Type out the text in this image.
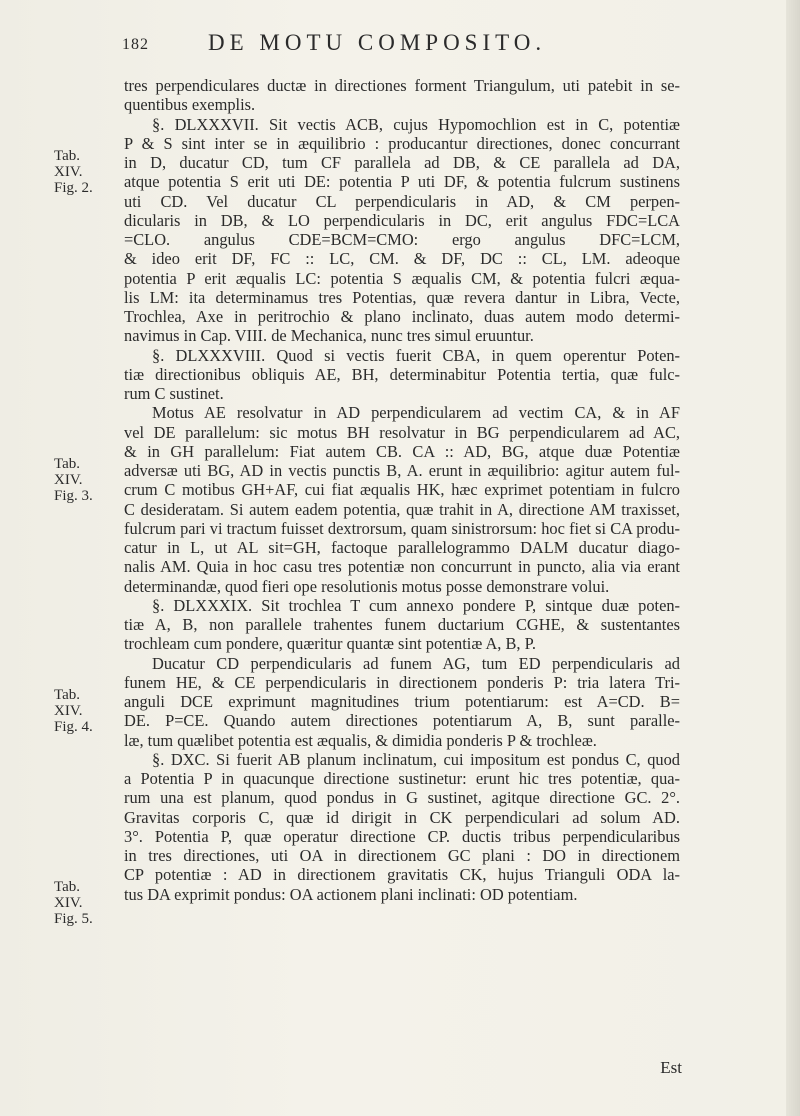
182	DE MOTU COMPOSITO.
Tab.
XIV.
Fig. 2.
Tab.
XIV.
Fig. 3.
Tab.
XIV.
Fig. 4.
Tab.
XIV.
Fig. 5.
tres perpendiculares ductæ in directiones forment Triangulum, uti patebit in se-
quentibus exemplis.
§. DLXXXVII. Sit vectis ACB, cujus Hypomochlion est in C, potentiæ
P & S sint inter se in æquilibrio : producantur directiones, donec concurrant
in D, ducatur CD, tum CF parallela ad DB, & CE parallela ad DA,
atque potentia S erit uti DE: potentia P uti DF, & potentia fulcrum sustinens
uti CD. Vel ducatur CL perpendicularis in AD, & CM perpen-
dicularis in DB, & LO perpendicularis in DC, erit angulus FDC=LCA
=CLO. angulus CDE=BCM=CMO: ergo angulus DFC=LCM,
& ideo erit DF, FC :: LC, CM. & DF, DC :: CL, LM. adeoque
potentia P erit æqualis LC: potentia S æqualis CM, & potentia fulcri æqua-
lis LM: ita determinamus tres Potentias, quæ revera dantur in Libra, Vecte,
Trochlea, Axe in peritrochio & plano inclinato, duas autem modo determi-
navimus in Cap. VIII. de Mechanica, nunc tres simul eruuntur.
§. DLXXXVIII. Quod si vectis fuerit CBA, in quem operentur Poten-
tiæ directionibus obliquis AE, BH, determinabitur Potentia tertia, quæ fulc-
rum C sustinet.
Motus AE resolvatur in AD perpendicularem ad vectim CA, & in AF
vel DE parallelum: sic motus BH resolvatur in BG perpendicularem ad AC,
& in GH parallelum: Fiat autem CB. CA :: AD, BG, atque duæ Potentiæ
adversæ uti BG, AD in vectis punctis B, A. erunt in æquilibrio: agitur autem ful-
crum C motibus GH+AF, cui fiat æqualis HK, hæc exprimet potentiam in fulcro
C desideratam. Si autem eadem potentia, quæ trahit in A, directione AM traxisset,
fulcrum pari vi tractum fuisset dextrorsum, quam sinistrorsum: hoc fiet si CA produ-
catur in L, ut AL sit=GH, factoque parallelogrammo DALM ducatur diago-
nalis AM. Quia in hoc casu tres potentiæ non concurrunt in puncto, alia via erant
determinandæ, quod fieri ope resolutionis motus posse demonstrare volui.
§. DLXXXIX. Sit trochlea T cum annexo pondere P, sintque duæ poten-
tiæ A, B, non parallele trahentes funem ductarium CGHE, & sustentantes
trochleam cum pondere, quæritur quantæ sint potentiæ A, B, P.
Ducatur CD perpendicularis ad funem AG, tum ED perpendicularis ad
funem HE, & CE perpendicularis in directionem ponderis P: tria latera Tri-
anguli DCE exprimunt magnitudines trium potentiarum: est A=CD. B=
DE. P=CE. Quando autem directiones potentiarum A, B, sunt paralle-
læ, tum quælibet potentia est æqualis, & dimidia ponderis P & trochleæ.
§. DXC. Si fuerit AB planum inclinatum, cui impositum est pondus C, quod
a Potentia P in quacunque directione sustinetur: erunt hic tres potentiæ, qua-
rum una est planum, quod pondus in G sustinet, agitque directione GC. 2°.
Gravitas corporis C, quæ id dirigit in CK perpendiculari ad solum AD.
3°. Potentia P, quæ operatur directione CP. ductis tribus perpendicularibus
in tres directiones, uti OA in directionem GC plani : DO in directionem
CP potentiæ : AD in directionem gravitatis CK, hujus Trianguli ODA la-
tus DA exprimit pondus: OA actionem plani inclinati: OD potentiam.
Est
